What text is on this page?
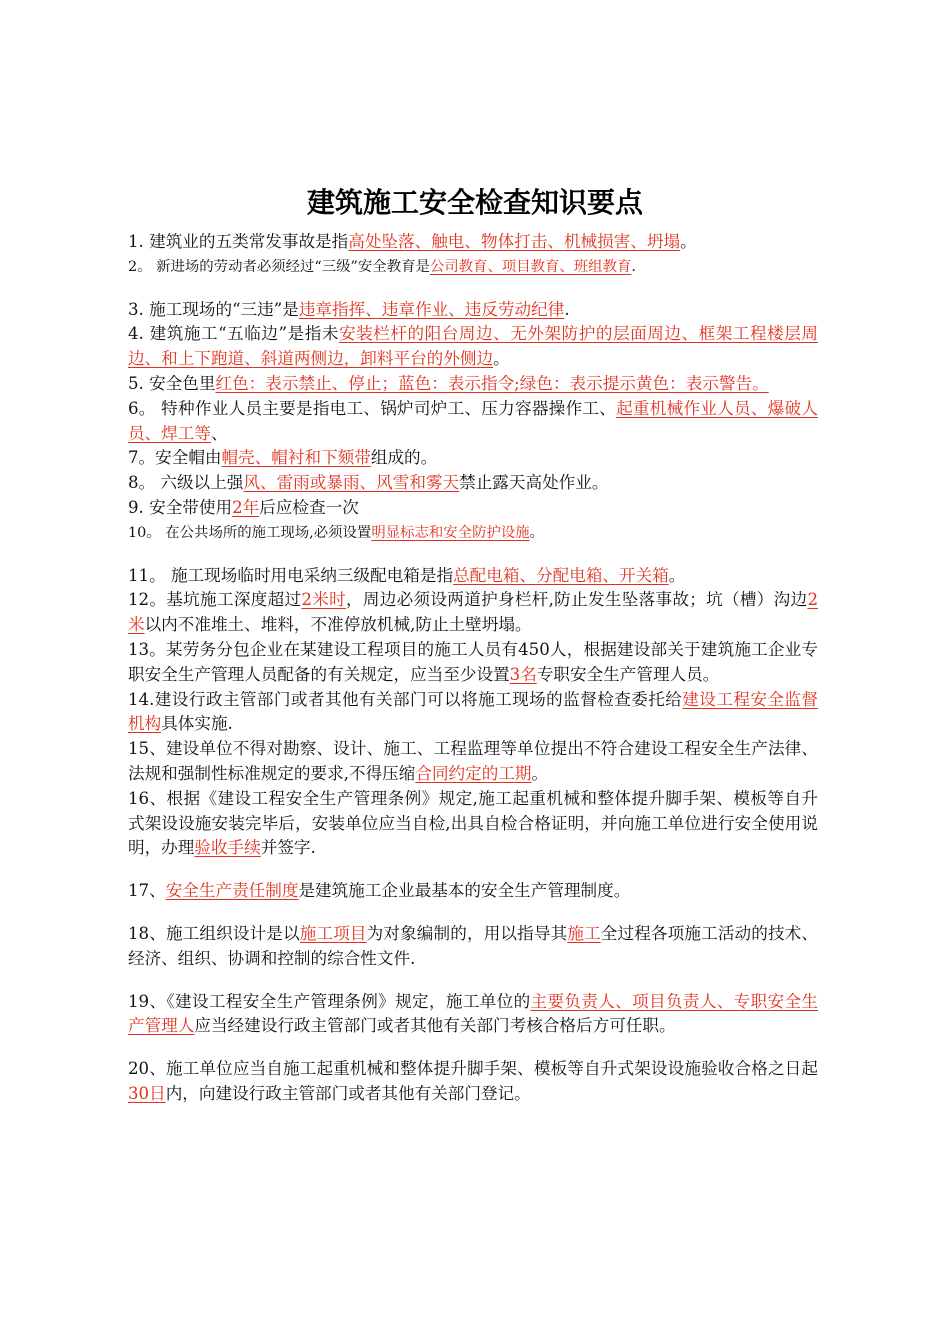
建筑施工安全检查知识要点

1. 建筑业的五类常发事故是指高处坠落、触电、物体打击、机械损害、坍塌。

2。 新进场的劳动者必须经过“三级”安全教育是公司教育、项目教育、班组教育.

3. 施工现场的“三违”是违章指挥、违章作业、违反劳动纪律.

4. 建筑施工“五临边”是指未安装栏杆的阳台周边、无外架防护的层面周边、框架工程楼层周边、和上下跑道、斜道两侧边，卸料平台的外侧边。

5. 安全色里红色：表示禁止、停止；蓝色：表示指令;绿色：表示提示黄色：表示警告。

6。 特种作业人员主要是指电工、锅炉司炉工、压力容器操作工、起重机械作业人员、爆破人员、焊工等、

7。安全帽由帽壳、帽衬和下颏带组成的。

8。 六级以上强风、雷雨或暴雨、风雪和雾天禁止露天高处作业。

9. 安全带使用2年后应检查一次

10。 在公共场所的施工现场,必须设置明显标志和安全防护设施。

11。 施工现场临时用电采纳三级配电箱是指总配电箱、分配电箱、开关箱。

12。基坑施工深度超过2米时，周边必须设两道护身栏杆,防止发生坠落事故；坑（槽）沟边2米以内不准堆土、堆料，不准停放机械,防止土壁坍塌。

13。某劳务分包企业在某建设工程项目的施工人员有450人，根据建设部关于建筑施工企业专职安全生产管理人员配备的有关规定，应当至少设置3名专职安全生产管理人员。

14.建设行政主管部门或者其他有关部门可以将施工现场的监督检查委托给建设工程安全监督机构具体实施.

15、建设单位不得对勘察、设计、施工、工程监理等单位提出不符合建设工程安全生产法律、法规和强制性标准规定的要求,不得压缩合同约定的工期。

16、根据《建设工程安全生产管理条例》规定,施工起重机械和整体提升脚手架、模板等自升式架设设施安装完毕后，安装单位应当自检,出具自检合格证明，并向施工单位进行安全使用说明，办理验收手续并签字.

17、安全生产责任制度是建筑施工企业最基本的安全生产管理制度。

18、施工组织设计是以施工项目为对象编制的，用以指导其施工全过程各项施工活动的技术、经济、组织、协调和控制的综合性文件.

19、《建设工程安全生产管理条例》规定，施工单位的主要负责人、项目负责人、专职安全生产管理人应当经建设行政主管部门或者其他有关部门考核合格后方可任职。

20、施工单位应当自施工起重机械和整体提升脚手架、模板等自升式架设设施验收合格之日起30日内，向建设行政主管部门或者其他有关部门登记。
